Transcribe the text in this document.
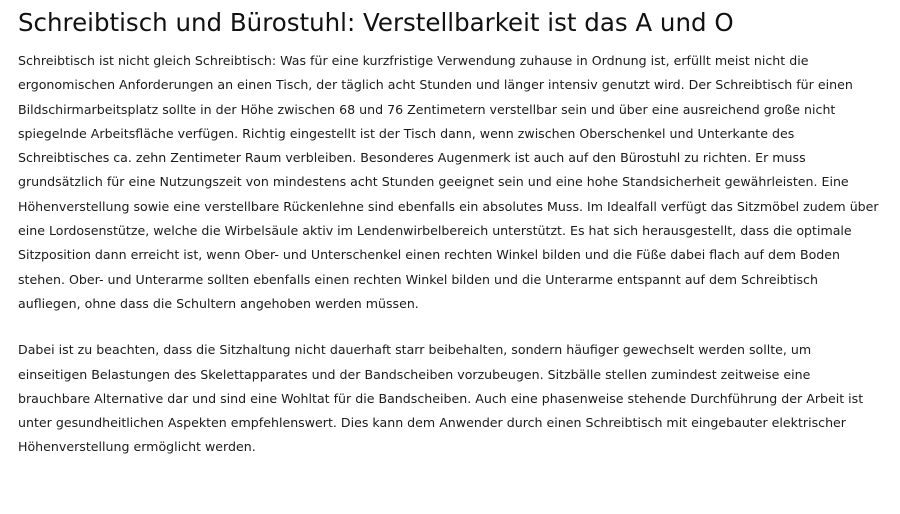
Schreibtisch und Bürostuhl: Verstellbarkeit ist das A und O

Schreibtisch ist nicht gleich Schreibtisch: Was für eine kurzfristige Verwendung zuhause in Ordnung ist, erfüllt meist nicht die ergonomischen Anforderungen an einen Tisch, der täglich acht Stunden und länger intensiv genutzt wird. Der Schreibtisch für einen Bildschirmarbeitsplatz sollte in der Höhe zwischen 68 und 76 Zentimetern verstellbar sein und über eine ausreichend große nicht spiegelnde Arbeitsfläche verfügen. Richtig eingestellt ist der Tisch dann, wenn zwischen Oberschenkel und Unterkante des Schreibtisches ca. zehn Zentimeter Raum verbleiben. Besonderes Augenmerk ist auch auf den Bürostuhl zu richten. Er muss grundsätzlich für eine Nutzungszeit von mindestens acht Stunden geeignet sein und eine hohe Standsicherheit gewährleisten. Eine Höhenverstellung sowie eine verstellbare Rückenlehne sind ebenfalls ein absolutes Muss. Im Idealfall verfügt das Sitzmöbel zudem über eine Lordosenstütze, welche die Wirbelsäule aktiv im Lendenwirbelbereich unterstützt. Es hat sich herausgestellt, dass die optimale Sitzposition dann erreicht ist, wenn Ober- und Unterschenkel einen rechten Winkel bilden und die Füße dabei flach auf dem Boden stehen. Ober- und Unterarme sollten ebenfalls einen rechten Winkel bilden und die Unterarme entspannt auf dem Schreibtisch aufliegen, ohne dass die Schultern angehoben werden müssen.

Dabei ist zu beachten, dass die Sitzhaltung nicht dauerhaft starr beibehalten, sondern häufiger gewechselt werden sollte, um einseitigen Belastungen des Skelettapparates und der Bandscheiben vorzubeugen. Sitzbälle stellen zumindest zeitweise eine brauchbare Alternative dar und sind eine Wohltat für die Bandscheiben. Auch eine phasenweise stehende Durchführung der Arbeit ist unter gesundheitlichen Aspekten empfehlenswert. Dies kann dem Anwender durch einen Schreibtisch mit eingebauter elektrischer Höhenverstellung ermöglicht werden.
